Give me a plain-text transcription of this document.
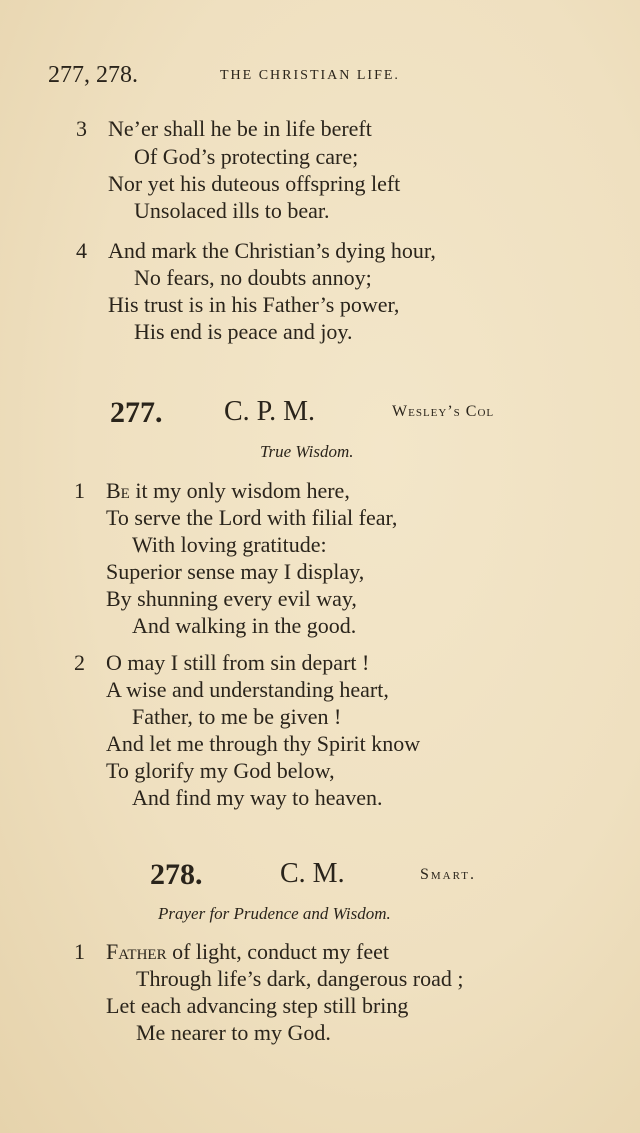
277, 278.	THE CHRISTIAN LIFE.
3 Ne’er shall he be in life bereft
Of God’s protecting care;
Nor yet his duteous offspring left
Unsolaced ills to bear.
4 And mark the Christian’s dying hour,
No fears, no doubts annoy;
His trust is in his Father’s power,
His end is peace and joy.
277. C. P. M.	Wesley’s Col
True Wisdom.
1 Be it my only wisdom here,
To serve the Lord with filial fear,
With loving gratitude:
Superior sense may I display,
By shunning every evil way,
And walking in the good.
2 O may I still from sin depart !
A wise and understanding heart,
Father, to me be given !
And let me through thy Spirit know
To glorify my God below,
And find my way to heaven.
278.	C. M.	Smart.
Prayer for Prudence and Wisdom.
1 Father of light, conduct my feet
Through life’s dark, dangerous road ;
Let each advancing step still bring
Me nearer to my God.
